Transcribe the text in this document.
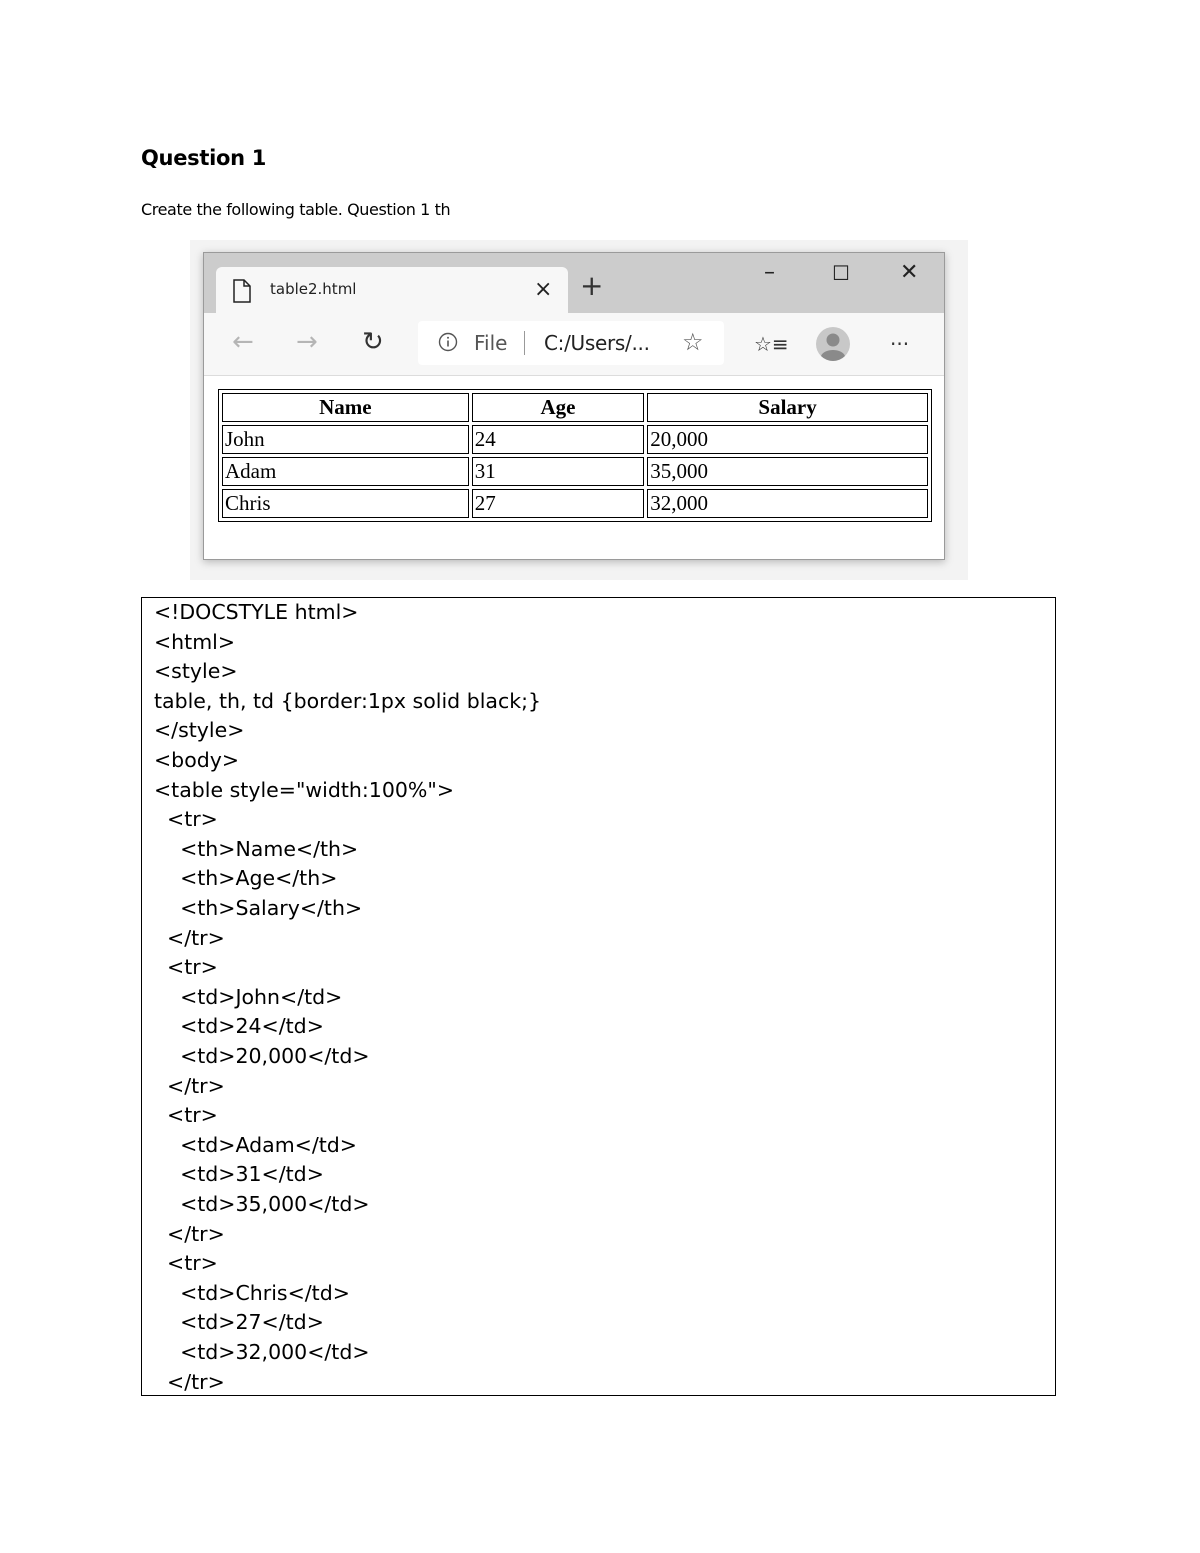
Question 1

Create the following table. Question 1 th

table2.html	× +	–	☐ ✕
← → ↻	File C:/Users/... ☆	☆≡	···
Name	Age	Salary
John	24	20,000
Adam	31	35,000
Chris	27	32,000
<!DOCSTYLE html>
<html>
<style>
table, th, td {border:1px solid black;}
</style>
<body>
<table style="width:100%">
<tr>
<th>Name</th>
<th>Age</th>
<th>Salary</th>
</tr>
<tr>
<td>John</td>
<td>24</td>
<td>20,000</td>
</tr>
<tr>
<td>Adam</td>
<td>31</td>
<td>35,000</td>
</tr>
<tr>
<td>Chris</td>
<td>27</td>
<td>32,000</td>
</tr>
